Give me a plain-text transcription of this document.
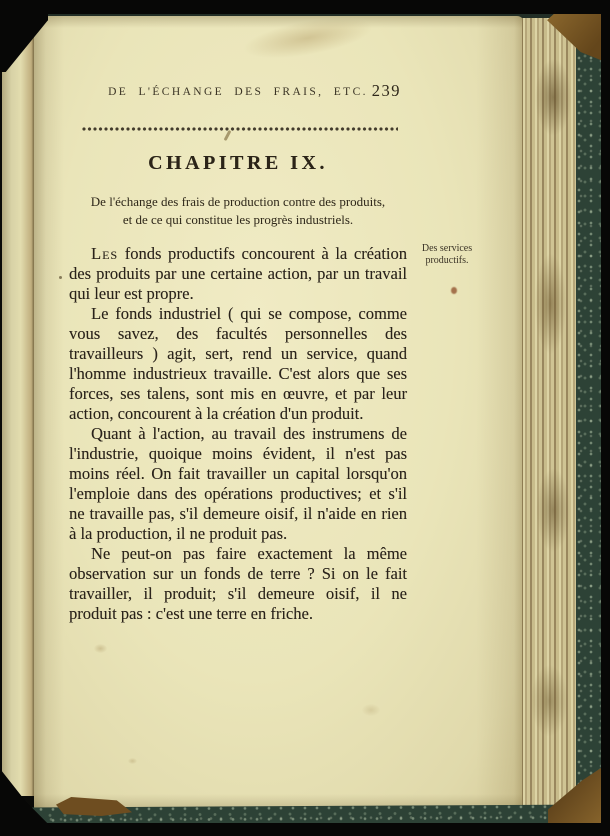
DE L'ÉCHANGE DES FRAIS, ETC. 239
CHAPITRE IX.
De l'échange des frais de production contre des produits,
et de ce qui constitue les progrès industriels.
Des services productifs.

Les fonds productifs concourent à la création des produits par une certaine action, par un travail qui leur est propre.

Le fonds industriel ( qui se compose, comme vous savez, des facultés personnelles des travailleurs ) agit, sert, rend un service, quand l'homme industrieux travaille. C'est alors que ses forces, ses talens, sont mis en œuvre, et par leur action, concourent à la création d'un produit.

Quant à l'action, au travail des instrumens de l'industrie, quoique moins évident, il n'est pas moins réel. On fait travailler un capital lorsqu'on l'emploie dans des opérations productives; et s'il ne travaille pas, s'il demeure oisif, il n'aide en rien à la production, il ne produit pas.

Ne peut-on pas faire exactement la même observation sur un fonds de terre ? Si on le fait travailler, il produit; s'il demeure oisif, il ne produit pas : c'est une terre en friche.
